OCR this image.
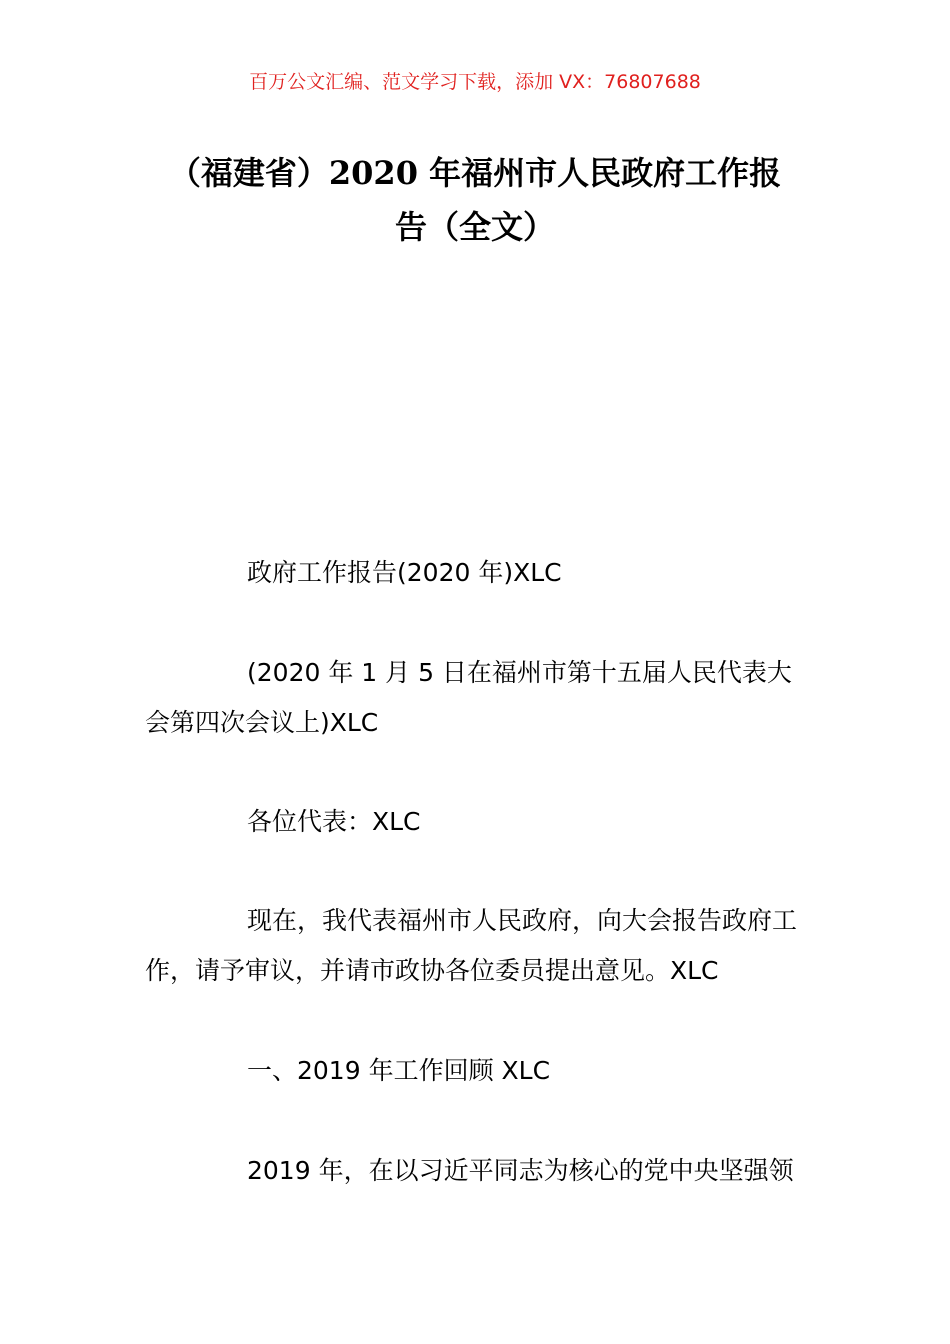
百万公文汇编、范文学习下载，添加 VX：76807688
（福建省）2020 年福州市人民政府工作报
告（全文）

政府工作报告(2020 年)XLC

(2020 年 1 月 5 日在福州市第十五届人民代表大会第四次会议上)XLC

各位代表：XLC

现在，我代表福州市人民政府，向大会报告政府工作，请予审议，并请市政协各位委员提出意见。XLC

一、2019 年工作回顾 XLC

2019 年，在以习近平同志为核心的党中央坚强领
